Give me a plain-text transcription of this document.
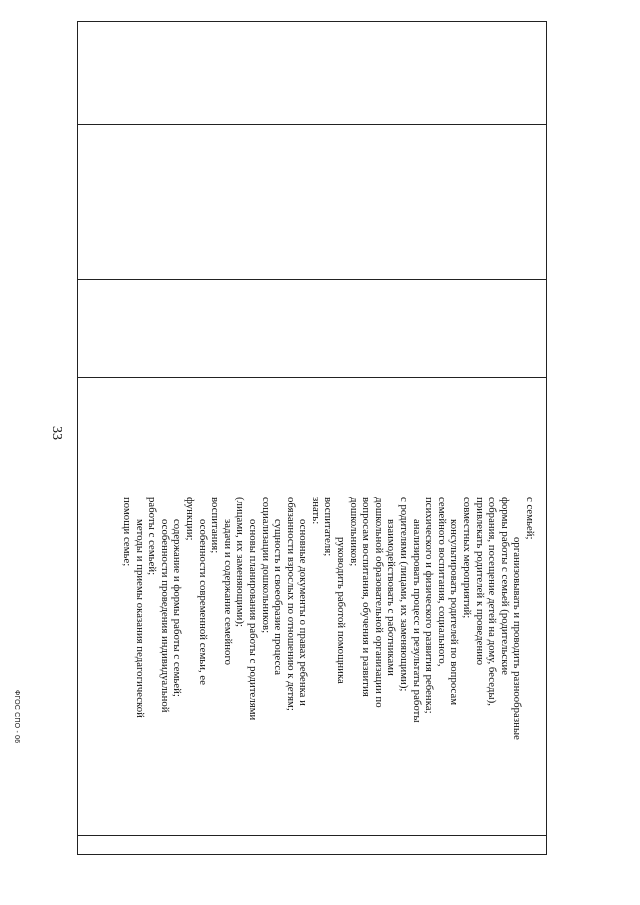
33
с семьей;
организовывать и проводить разнообразные
формы работы с семьей (родительские
собрания, посещение детей на дому, беседы),
привлекать родителей к проведению
совместных мероприятий;
консультировать родителей по вопросам
семейного воспитания, социального,
психического и физического развития ребенка;
анализировать процесс и результаты работы
с родителями (лицами, их заменяющими);
взаимодействовать с работниками
дошкольной образовательной организации по
вопросам воспитания, обучения и развития
дошкольников;
руководить работой помощника
воспитателя;
знать:
основные документы о правах ребенка и
обязанности взрослых по отношению к детям;
сущность и своеобразие процесса
социализации дошкольников;
основы планирования работы с родителями
(лицами, их заменяющими);
задачи и содержание семейного
воспитания;
особенности современной семьи, ее
функции;
содержание и формы работы с семьей;
особенности проведения индивидуальной
работы с семьей;
методы и приемы оказания педагогической
помощи семье;
ФГОС СПО - 06
